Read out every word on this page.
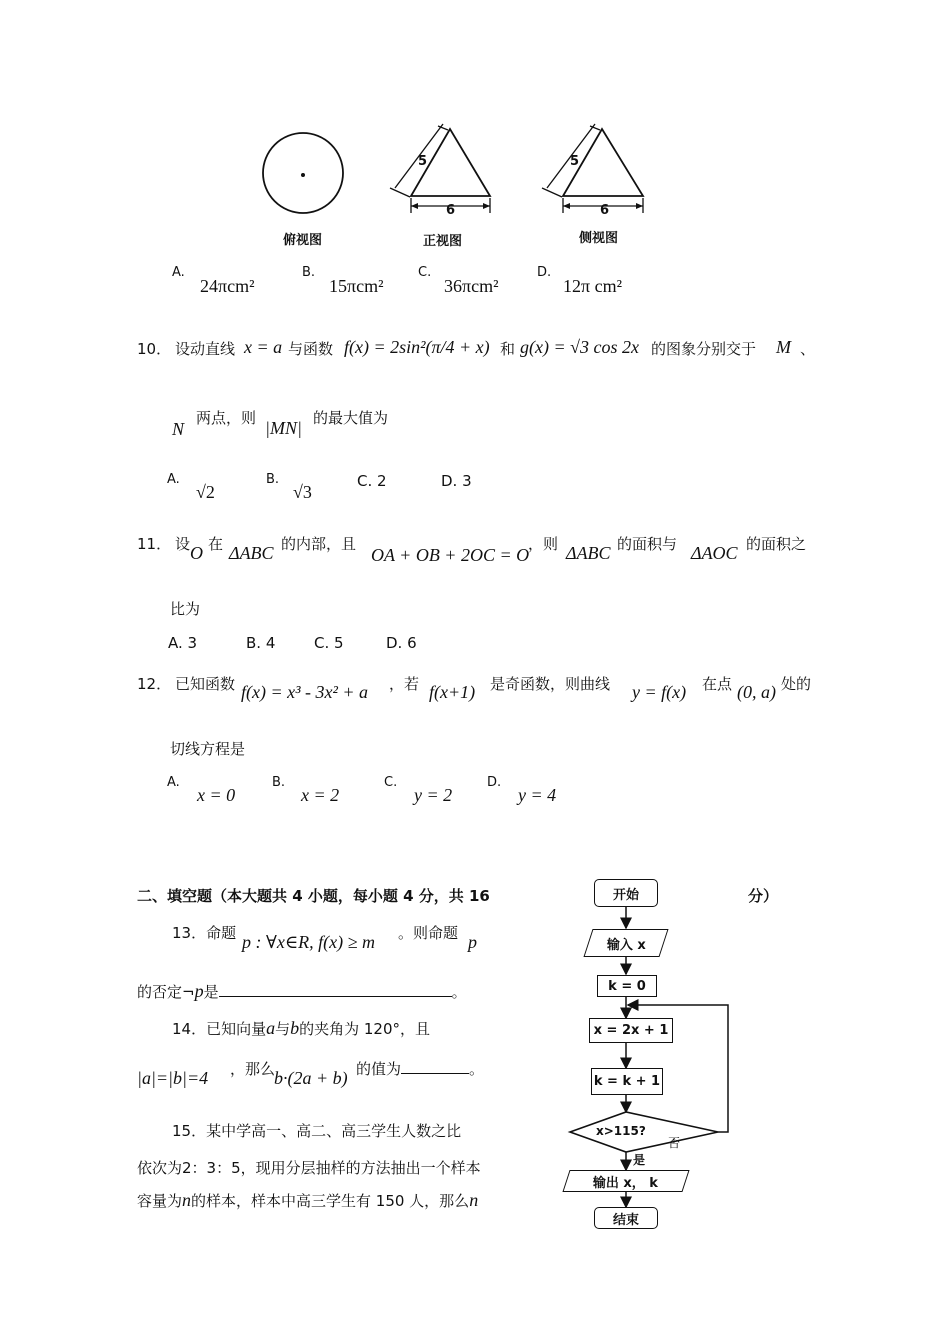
5
6
5
6
俯视图	正视图	侧视图
A.
24πcm²
B.
15πcm²
C.
36πcm²
D.
12π cm²
10． 设动直线 x = a 与函数 f(x) = 2sin²(π/4 + x) 和 g(x) = √3 cos 2x 的图象分别交于 M 、
N
两点，则 |MN| 的最大值为
A.
√2
B.
√3
C. 2	D. 3
11． 设 O 在 ΔABC 的内部，且
OA + OB + 2OC = O
，则 ΔABC 的面积与 ΔAOC 的面积之
比为
A. 3	B. 4	C. 5	D. 6
12． 已知函数 f(x) = x³ - 3x² + a ，若 f(x+1) 是奇函数，则曲线 y = f(x) 在点 (0, a) 处的
切线方程是
A.
x = 0
B.
x = 2
C.
y = 2
D.
y = 4
二、填空题（本大题共 4 小题，每小题 4 分，共 16	分）
13．命题 p : ∀x∈R, f(x) ≥ m 。则命题 p
的否定¬p是	。
14．已知向量a与b的夹角为 120°，且
|a|=|b|=4 ，那么
b·(2a + b) 的值为	。
15．某中学高一、高二、高三学生人数之比
依次为2：3：5，现用分层抽样的方法抽出一个样本
容量为n的样本，样本中高三学生有 150 人，那么n
开始
输入 x
k = 0
x = 2x + 1
k = k + 1
x>115?
否
是
输出 x， k
结束
